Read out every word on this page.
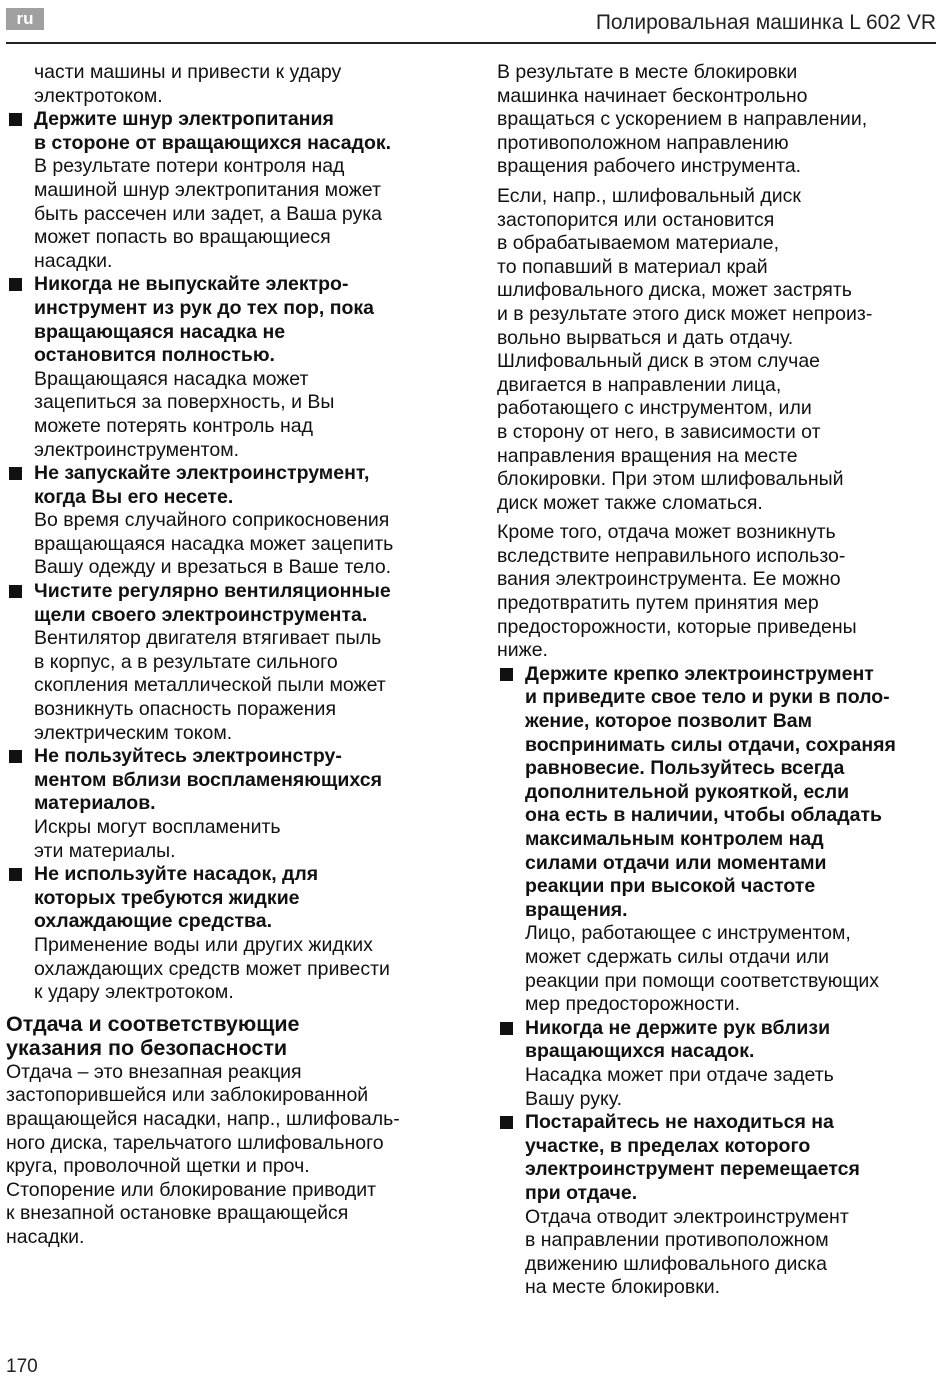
ru	Полировальная машинка L 602 VR
части машины и привести к удару
электротоком.
Держите шнур электропитания
в стороне от вращающихся насадок.
В результате потери контроля над
машиной шнур электропитания может
быть рассечен или задет, а Ваша рука
может попасть во вращающиеся
насадки.
Никогда не выпускайте электро-
инструмент из рук до тех пор, пока
вращающаяся насадка не
остановится полностью.
Вращающаяся насадка может
зацепиться за поверхность, и Вы
можете потерять контроль над
электроинструментом.
Не запускайте электроинструмент,
когда Вы его несете.
Во время случайного соприкосновения
вращающаяся насадка может зацепить
Вашу одежду и врезаться в Ваше тело.
Чистите регулярно вентиляционные
щели своего электроинструмента.
Вентилятор двигателя втягивает пыль
в корпус, а в результате сильного
скопления металлической пыли может
возникнуть опасность поражения
электрическим током.
Не пользуйтесь электроинстру-
ментом вблизи воспламеняющихся
материалов.
Искры могут воспламенить
эти материалы.
Не используйте насадок, для
которых требуются жидкие
охлаждающие средства.
Применение воды или других жидких
охлаждающих средств может привести
к удару электротоком.
Отдача и соответствующие
указания по безопасности
Отдача – это внезапная реакция
застопорившейся или заблокированной
вращающейся насадки, напр., шлифоваль-
ного диска, тарельчатого шлифовального
круга, проволочной щетки и проч.
Стопорение или блокирование приводит
к внезапной остановке вращающейся
насадки.
В результате в месте блокировки
машинка начинает бесконтрольно
вращаться с ускорением в направлении,
противоположном направлению
вращения рабочего инструмента.
Если, напр., шлифовальный диск
застопорится или остановится
в обрабатываемом материале,
то попавший в материал край
шлифовального диска, может застрять
и в результате этого диск может непроиз-
вольно вырваться и дать отдачу.
Шлифовальный диск в этом случае
двигается в направлении лица,
работающего с инструментом, или
в сторону от него, в зависимости от
направления вращения на месте
блокировки. При этом шлифовальный
диск может также сломаться.
Кроме того, отдача может возникнуть
вследствите неправильного использо-
вания электроинструмента. Ее можно
предотвратить путем принятия мер
предосторожности, которые приведены
ниже.
Держите крепко электроинструмент
и приведите свое тело и руки в поло-
жение, которое позволит Вам
воспринимать силы отдачи, сохраняя
равновесие. Пользуйтесь всегда
дополнительной рукояткой, если
она есть в наличии, чтобы обладать
максимальным контролем над
силами отдачи или моментами
реакции при высокой частоте
вращения.
Лицо, работающее с инструментом,
может сдержать силы отдачи или
реакции при помощи соответствующих
мер предосторожности.
Никогда не держите рук вблизи
вращающихся насадок.
Насадка может при отдаче задеть
Вашу руку.
Постарайтесь не находиться на
участке, в пределах которого
электроинструмент перемещается
при отдаче.
Отдача отводит электроинструмент
в направлении противоположном
движению шлифовального диска
на месте блокировки.
170
